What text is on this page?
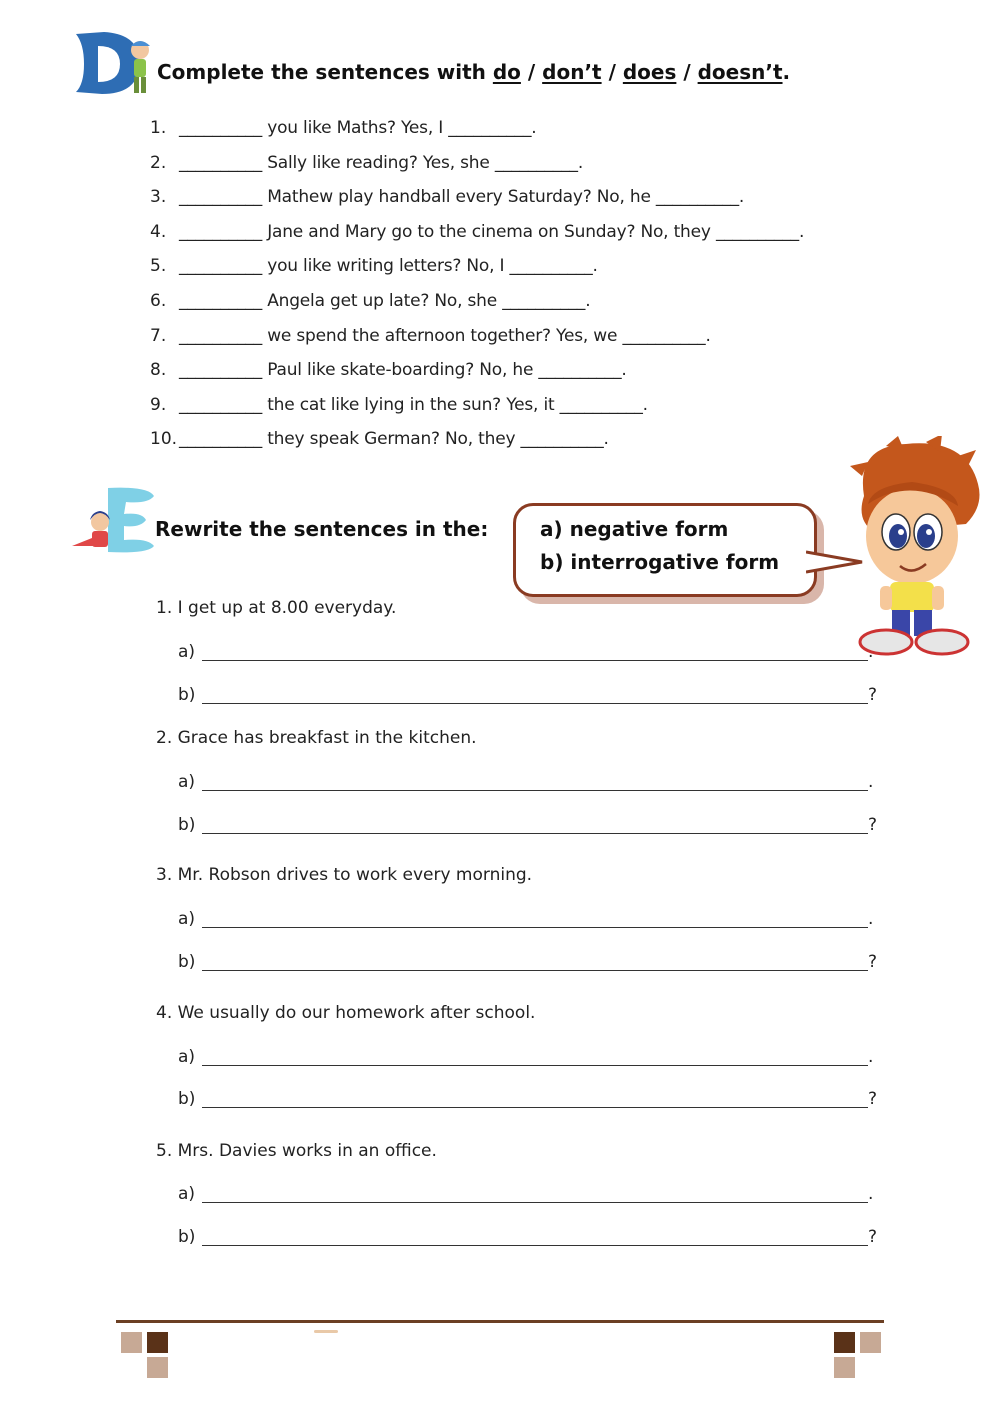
Complete the sentences with do / don’t / does / doesn’t.
1. __________ you like Maths? Yes, I __________.
2. __________ Sally like reading? Yes, she __________.
3. __________ Mathew play handball every Saturday? No, he __________.
4. __________ Jane and Mary go to the cinema on Sunday? No, they __________.
5. __________ you like writing letters? No, I __________.
6. __________ Angela get up late? No, she __________.
7. __________ we spend the afternoon together? Yes, we __________.
8. __________ Paul like skate-boarding? No, he __________.
9. __________ the cat like lying in the sun? Yes, it __________.
10. __________ they speak German? No, they __________.
Rewrite the sentences in the:	a) negative form
b) interrogative form
1. I get up at 8.00 everyday.
a)	.
b)	?
2. Grace has breakfast in the kitchen.
a)	.
b)	?
3. Mr. Robson drives to work every morning.
a)	.
b)	?
4. We usually do our homework after school.
a)	.
b)	?
5. Mrs. Davies works in an office.
a)	.
b)	?
